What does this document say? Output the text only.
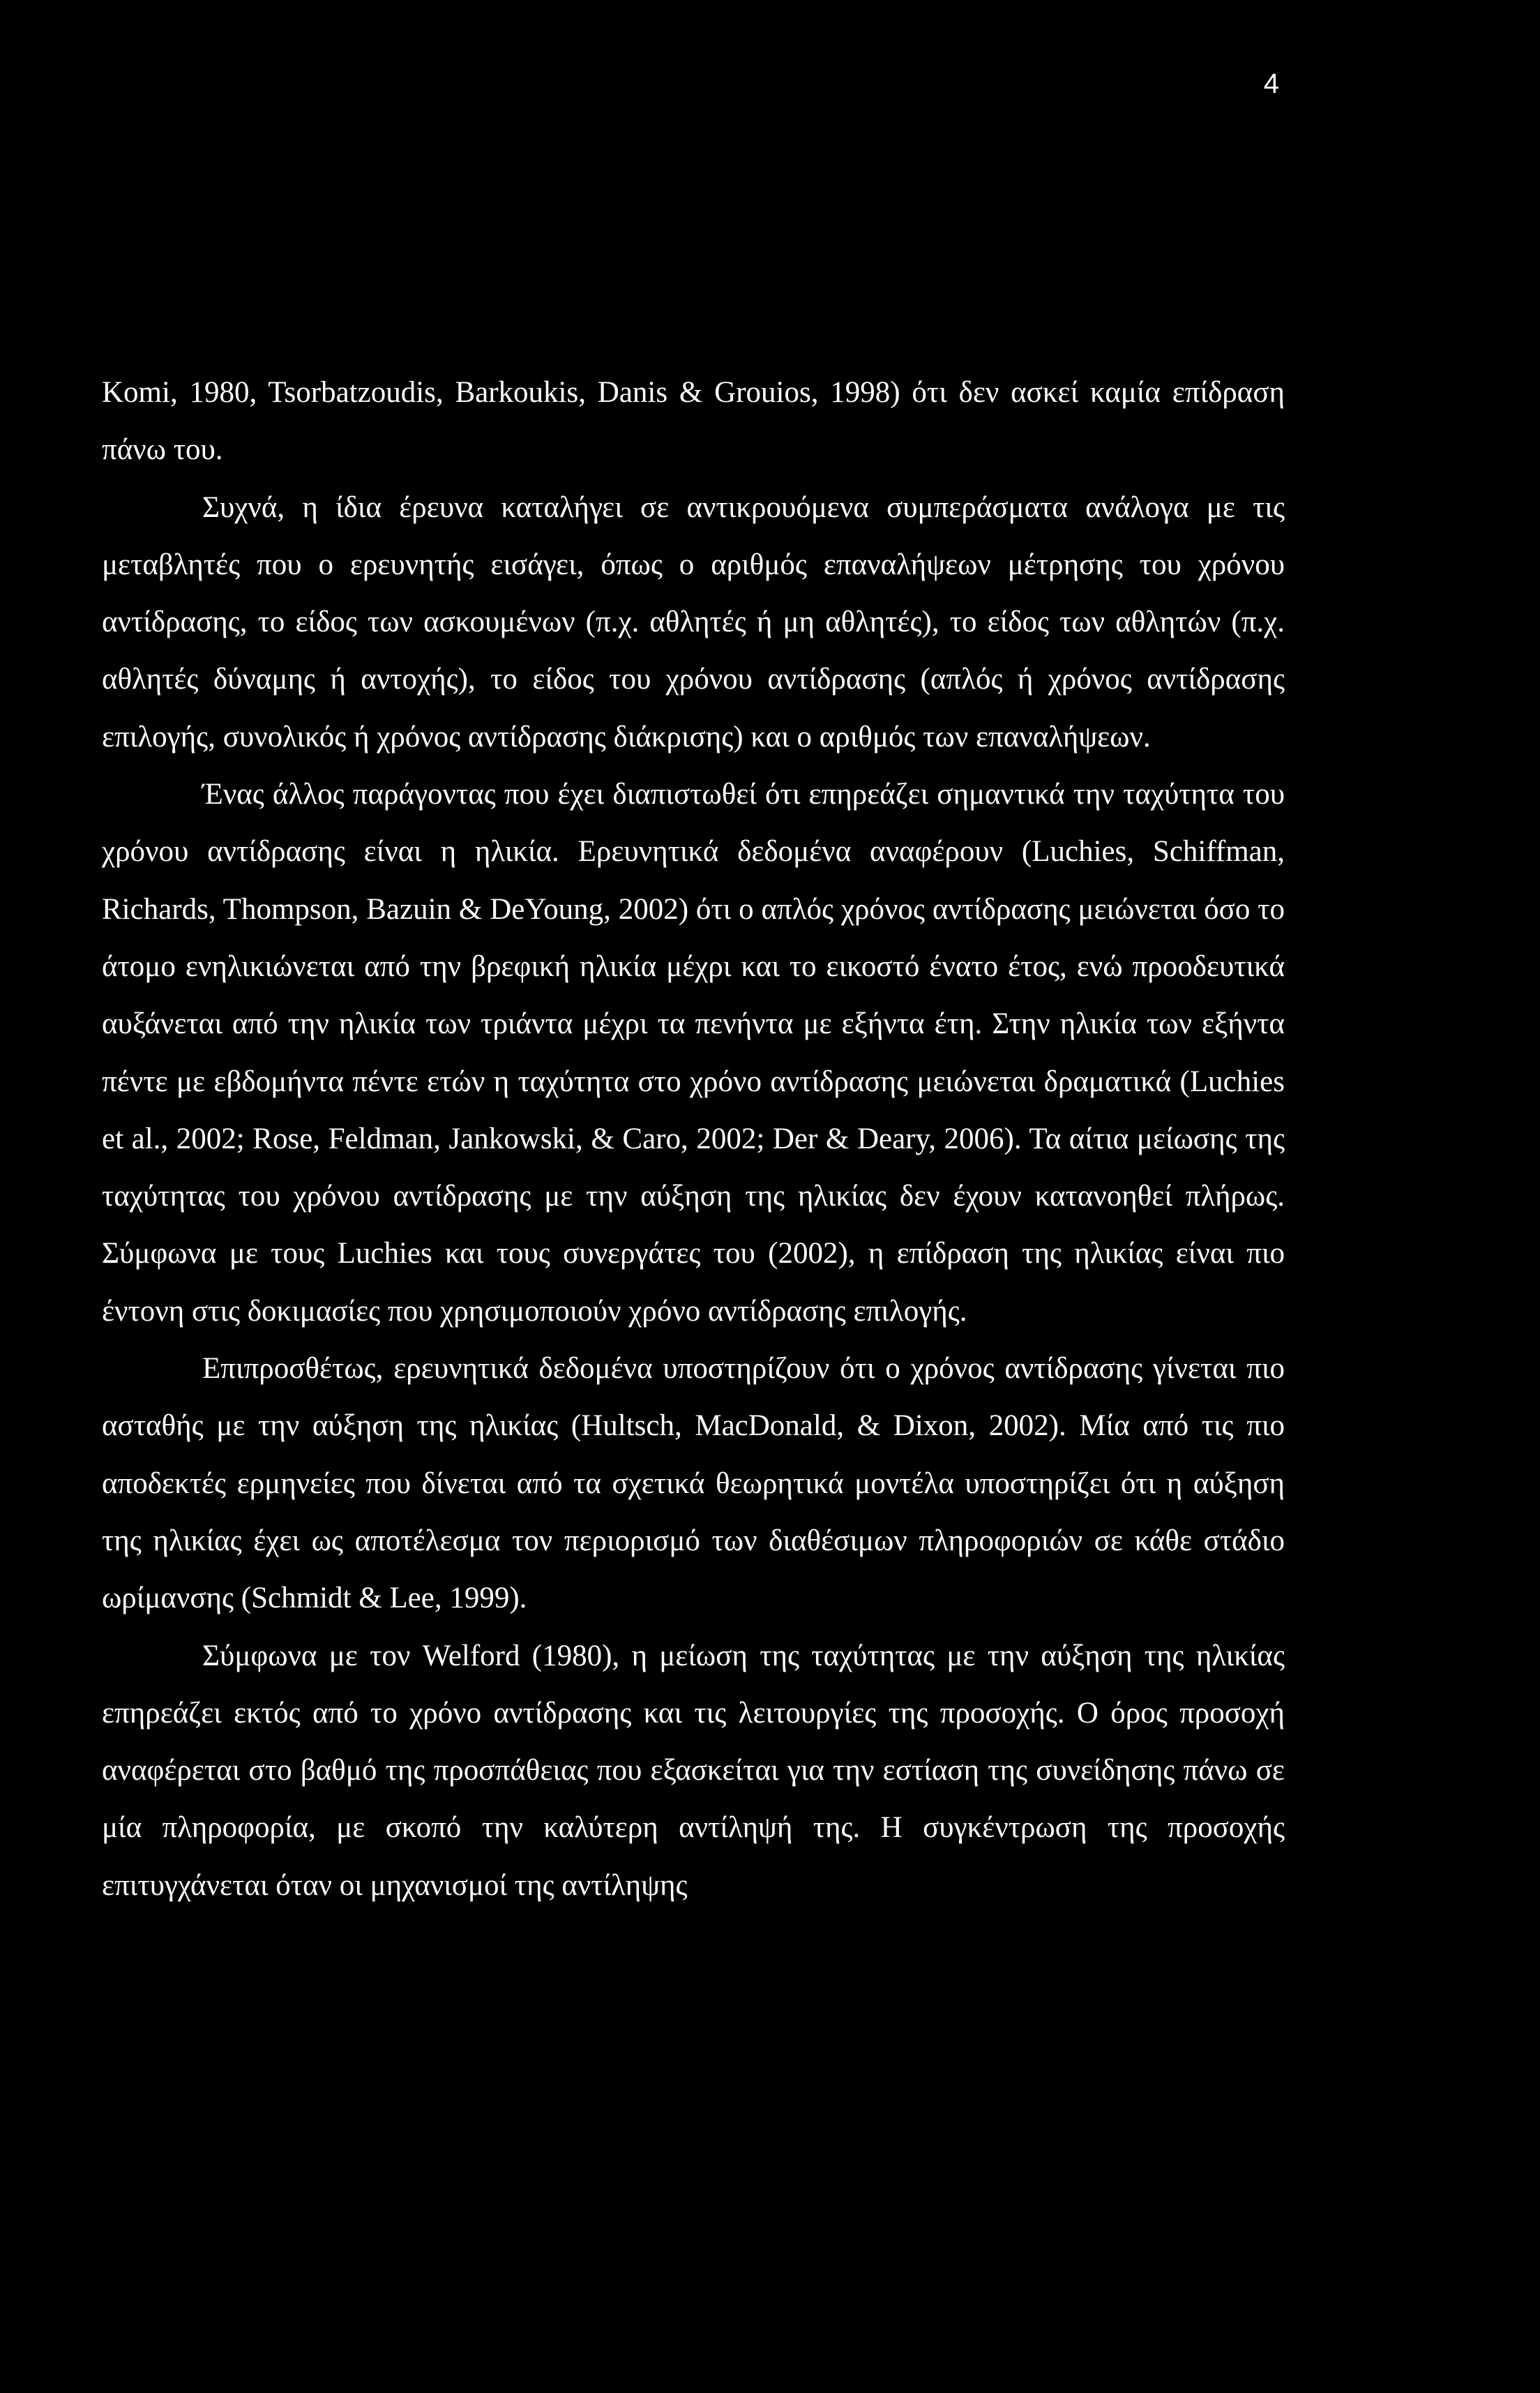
4

Komi, 1980, Tsorbatzoudis, Barkoukis, Danis & Grouios, 1998) ότι δεν ασκεί καμία επίδραση πάνω του.

Συχνά, η ίδια έρευνα καταλήγει σε αντικρουόμενα συμπεράσματα ανάλογα με τις μεταβλητές που ο ερευνητής εισάγει, όπως ο αριθμός επαναλήψεων μέτρησης του χρόνου αντίδρασης, το είδος των ασκουμένων (π.χ. αθλητές ή μη αθλητές), το είδος των αθλητών (π.χ. αθλητές δύναμης ή αντοχής), το είδος του χρόνου αντίδρασης (απλός ή χρόνος αντίδρασης επιλογής, συνολικός ή χρόνος αντίδρασης διάκρισης) και ο αριθμός των επαναλήψεων.

Ένας άλλος παράγοντας που έχει διαπιστωθεί ότι επηρεάζει σημαντικά την ταχύτητα του χρόνου αντίδρασης είναι η ηλικία. Ερευνητικά δεδομένα αναφέρουν (Luchies, Schiffman, Richards, Thompson, Bazuin & DeYoung, 2002) ότι ο απλός χρόνος αντίδρασης μειώνεται όσο το άτομο ενηλικιώνεται από την βρεφική ηλικία μέχρι και το εικοστό ένατο έτος, ενώ προοδευτικά αυξάνεται από την ηλικία των τριάντα μέχρι τα πενήντα με εξήντα έτη. Στην ηλικία των εξήντα πέντε με εβδομήντα πέντε ετών η ταχύτητα στο χρόνο αντίδρασης μειώνεται δραματικά (Luchies et al., 2002; Rose, Feldman, Jankowski, & Caro, 2002; Der & Deary, 2006). Τα αίτια μείωσης της ταχύτητας του χρόνου αντίδρασης με την αύξηση της ηλικίας δεν έχουν κατανοηθεί πλήρως. Σύμφωνα με τους Luchies και τους συνεργάτες του (2002), η επίδραση της ηλικίας είναι πιο έντονη στις δοκιμασίες που χρησιμοποιούν χρόνο αντίδρασης επιλογής.

Επιπροσθέτως, ερευνητικά δεδομένα υποστηρίζουν ότι ο χρόνος αντίδρασης γίνεται πιο ασταθής με την αύξηση της ηλικίας (Hultsch, MacDonald, & Dixon, 2002). Μία από τις πιο αποδεκτές ερμηνείες που δίνεται από τα σχετικά θεωρητικά μοντέλα υποστηρίζει ότι η αύξηση της ηλικίας έχει ως αποτέλεσμα τον περιορισμό των διαθέσιμων πληροφοριών σε κάθε στάδιο ωρίμανσης (Schmidt & Lee, 1999).

Σύμφωνα με τον Welford (1980), η μείωση της ταχύτητας με την αύξηση της ηλικίας επηρεάζει εκτός από το χρόνο αντίδρασης και τις λειτουργίες της προσοχής. Ο όρος προσοχή αναφέρεται στο βαθμό της προσπάθειας που εξασκείται για την εστίαση της συνείδησης πάνω σε μία πληροφορία, με σκοπό την καλύτερη αντίληψή της. Η συγκέντρωση της προσοχής επιτυγχάνεται όταν οι μηχανισμοί της αντίληψης
